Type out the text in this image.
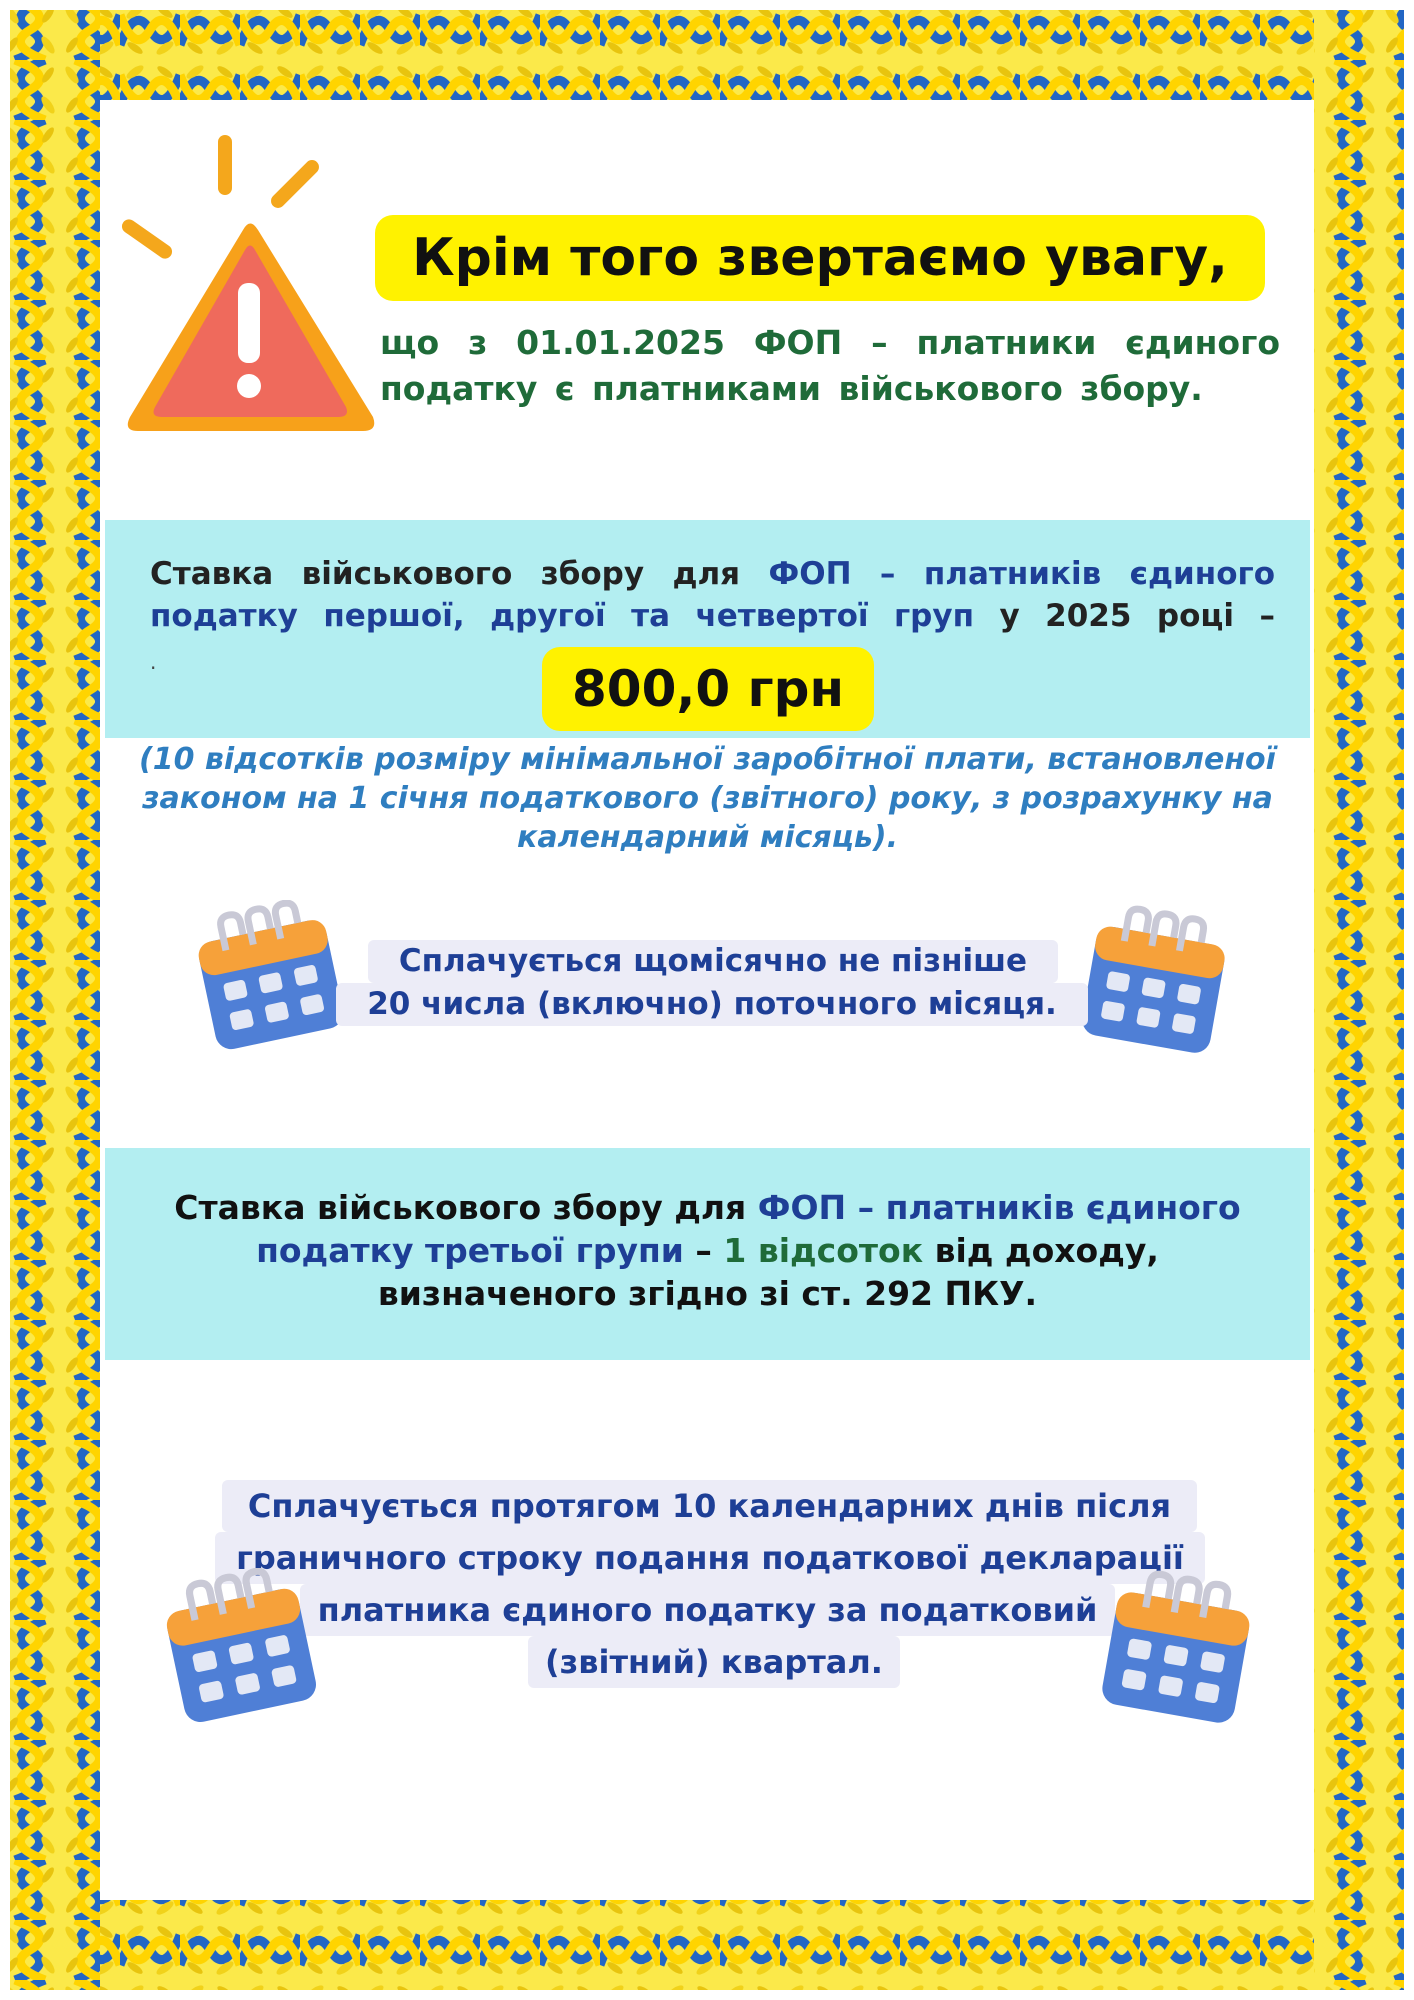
Крім того звертаємо увагу,
що з 01.01.2025 ФОП – платники єдиного податку є платниками військового збору.
Ставка військового збору для ФОП – платників єдиного податку першої, другої та четвертої груп у 2025 році –
.	800,0 грн
(10 відсотків розміру мінімальної заробітної плати, встановленої законом на 1 січня податкового (звітного) року, з розрахунку на календарний місяць).
Сплачується щомісячно не пізніше
20 числа (включно) поточного місяця.
Ставка військового збору для ФОП – платників єдиного
податку третьої групи – 1 відсоток від доходу,
визначеного згідно зі ст. 292 ПКУ.
Сплачується протягом 10 календарних днів після
граничного строку подання податкової декларації
платника єдиного податку за податковий
(звітний) квартал.
